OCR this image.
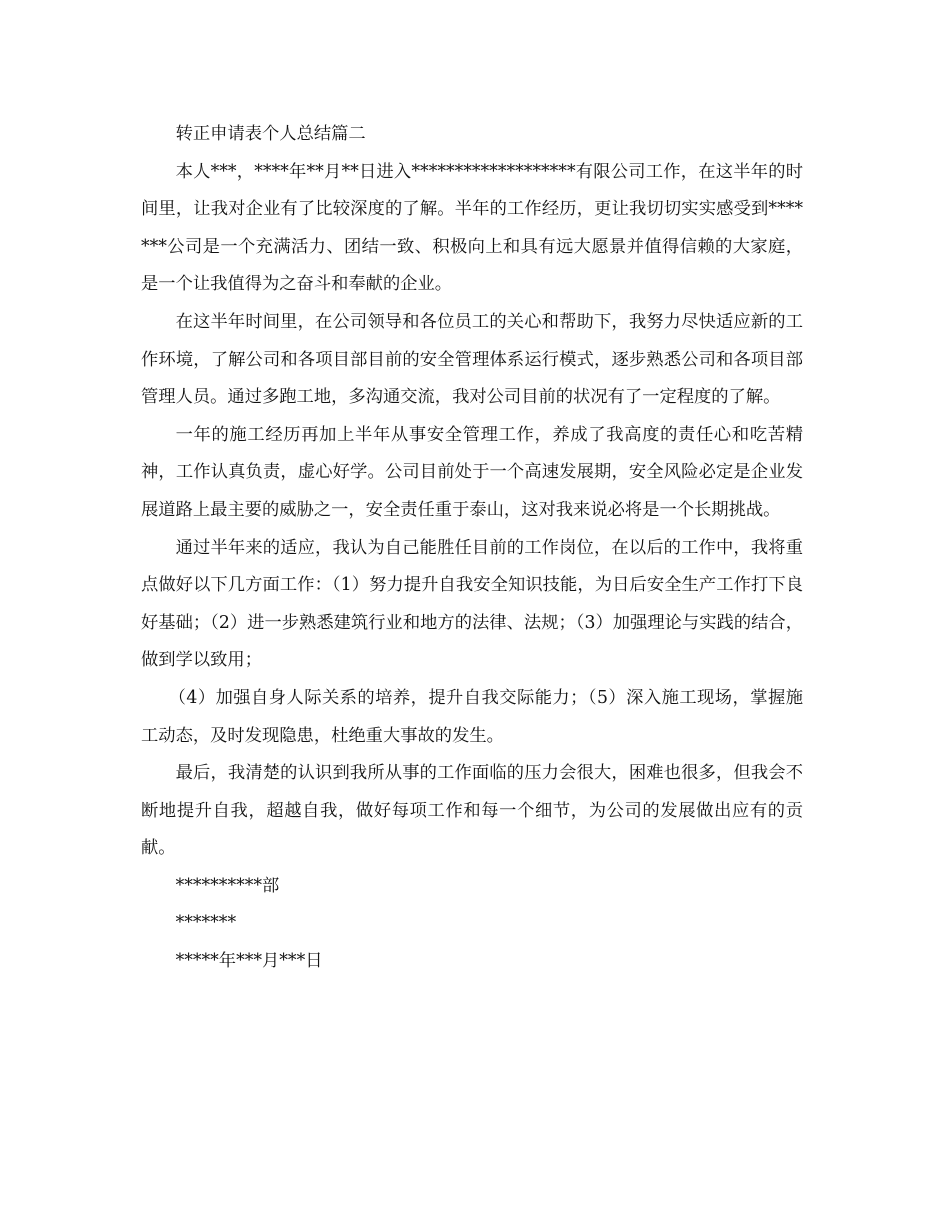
转正申请表个人总结篇二

本人***，****年**月**日进入*******************有限公司工作，在这半年的时间里，让我对企业有了比较深度的了解。半年的工作经历，更让我切切实实感受到*******公司是一个充满活力、团结一致、积极向上和具有远大愿景并值得信赖的大家庭，是一个让我值得为之奋斗和奉献的企业。

在这半年时间里，在公司领导和各位员工的关心和帮助下，我努力尽快适应新的工作环境，了解公司和各项目部目前的安全管理体系运行模式，逐步熟悉公司和各项目部管理人员。通过多跑工地，多沟通交流，我对公司目前的状况有了一定程度的了解。

一年的施工经历再加上半年从事安全管理工作，养成了我高度的责任心和吃苦精神，工作认真负责，虚心好学。公司目前处于一个高速发展期，安全风险必定是企业发展道路上最主要的威胁之一，安全责任重于泰山，这对我来说必将是一个长期挑战。

通过半年来的适应，我认为自己能胜任目前的工作岗位，在以后的工作中，我将重点做好以下几方面工作：（1）努力提升自我安全知识技能，为日后安全生产工作打下良好基础；（2）进一步熟悉建筑行业和地方的法律、法规；（3）加强理论与实践的结合，做到学以致用；

（4）加强自身人际关系的培养，提升自我交际能力；（5）深入施工现场，掌握施工动态，及时发现隐患，杜绝重大事故的发生。

最后，我清楚的认识到我所从事的工作面临的压力会很大，困难也很多，但我会不断地提升自我，超越自我，做好每项工作和每一个细节，为公司的发展做出应有的贡献。

**********部

*******

*****年***月***日
